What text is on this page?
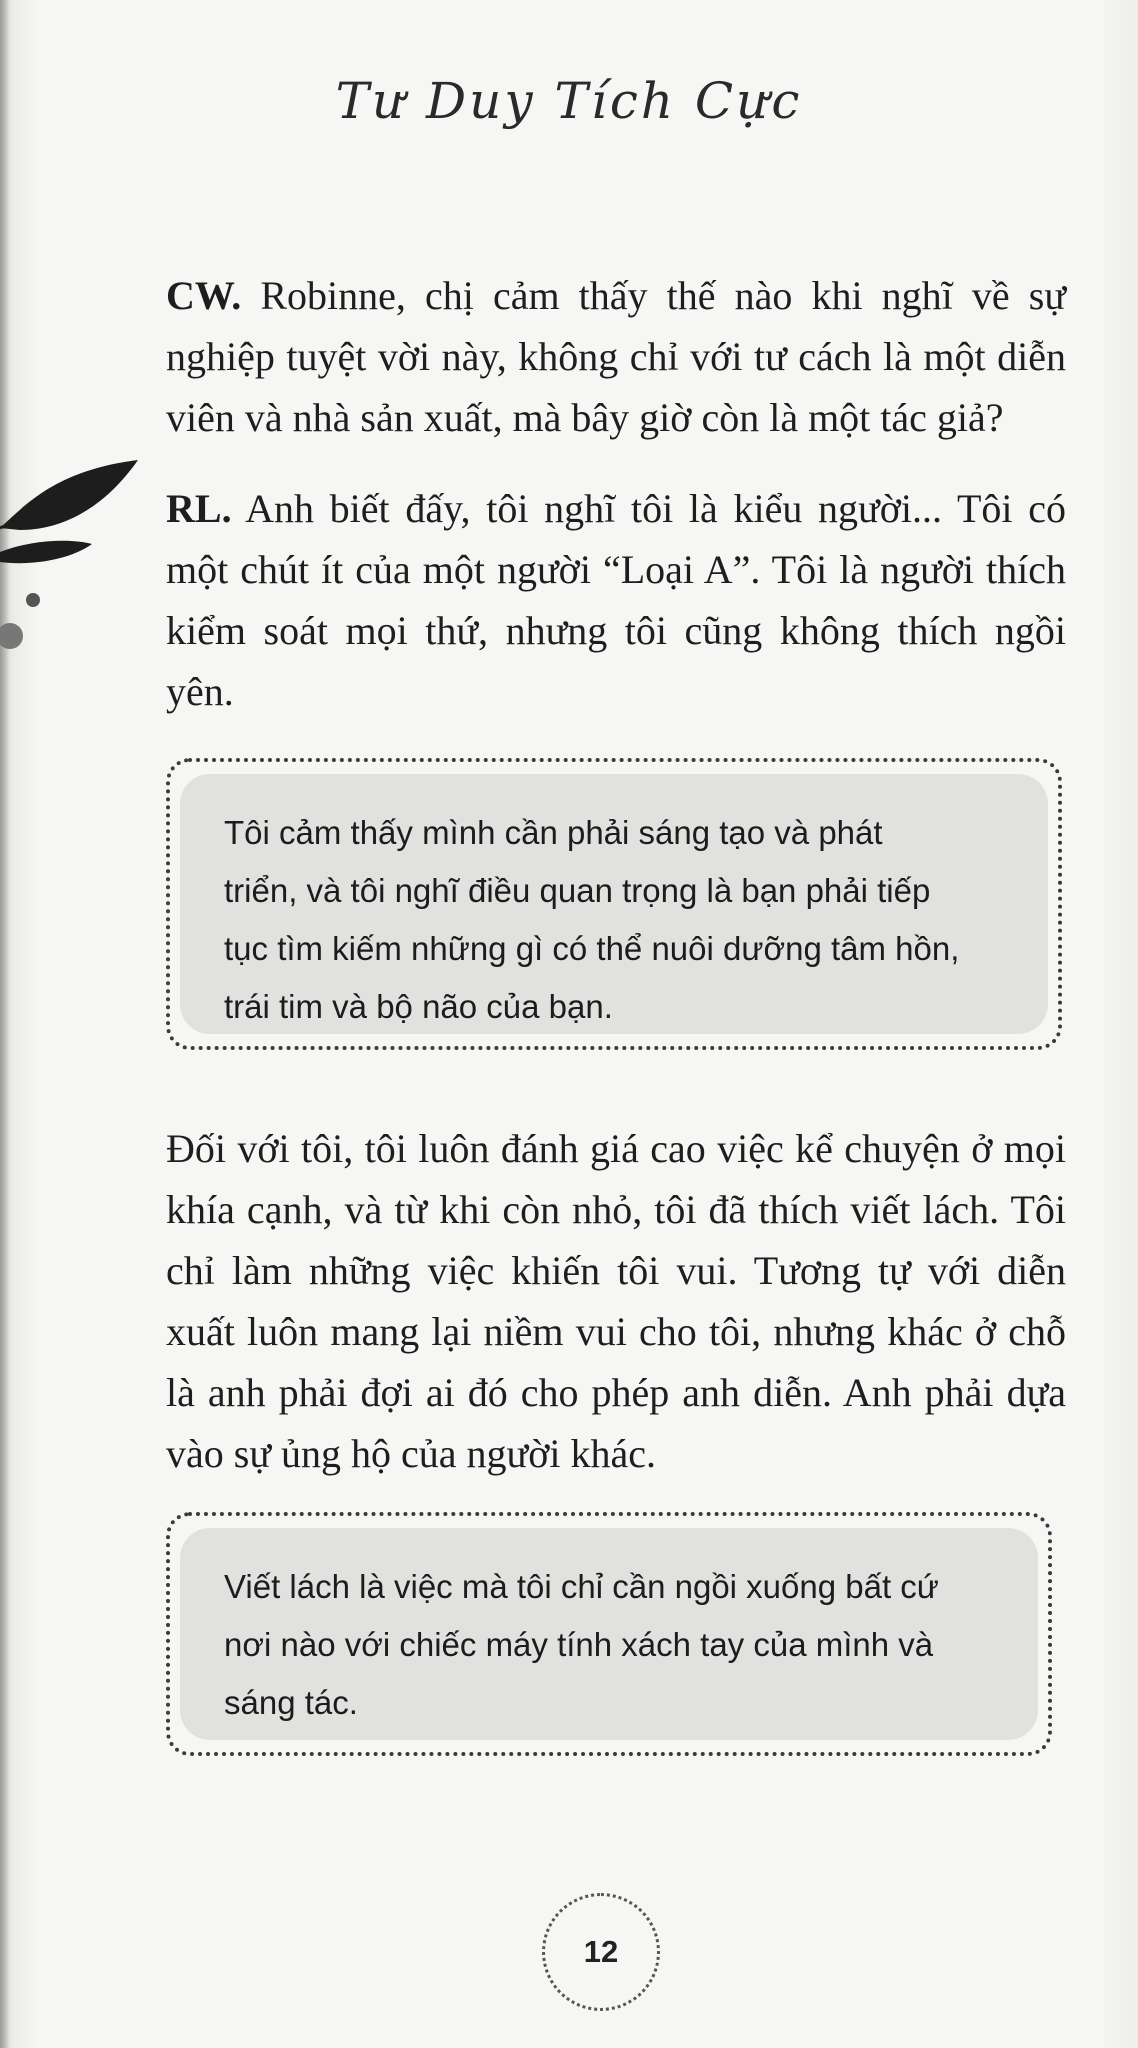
Tư Duy Tích Cực
CW. Robinne, chị cảm thấy thế nào khi nghĩ về sự nghiệp tuyệt vời này, không chỉ với tư cách là một diễn viên và nhà sản xuất, mà bây giờ còn là một tác giả?
RL. Anh biết đấy, tôi nghĩ tôi là kiểu người... Tôi có một chút ít của một người “Loại A”. Tôi là người thích kiểm soát mọi thứ, nhưng tôi cũng không thích ngồi yên.
Tôi cảm thấy mình cần phải sáng tạo và phát
triển, và tôi nghĩ điều quan trọng là bạn phải tiếp
tục tìm kiếm những gì có thể nuôi dưỡng tâm hồn,
trái tim và bộ não của bạn.
Đối với tôi, tôi luôn đánh giá cao việc kể chuyện ở mọi khía cạnh, và từ khi còn nhỏ, tôi đã thích viết lách. Tôi chỉ làm những việc khiến tôi vui. Tương tự với diễn xuất luôn mang lại niềm vui cho tôi, nhưng khác ở chỗ là anh phải đợi ai đó cho phép anh diễn. Anh phải dựa vào sự ủng hộ của người khác.
Viết lách là việc mà tôi chỉ cần ngồi xuống bất cứ
nơi nào với chiếc máy tính xách tay của mình và
sáng tác.
12
